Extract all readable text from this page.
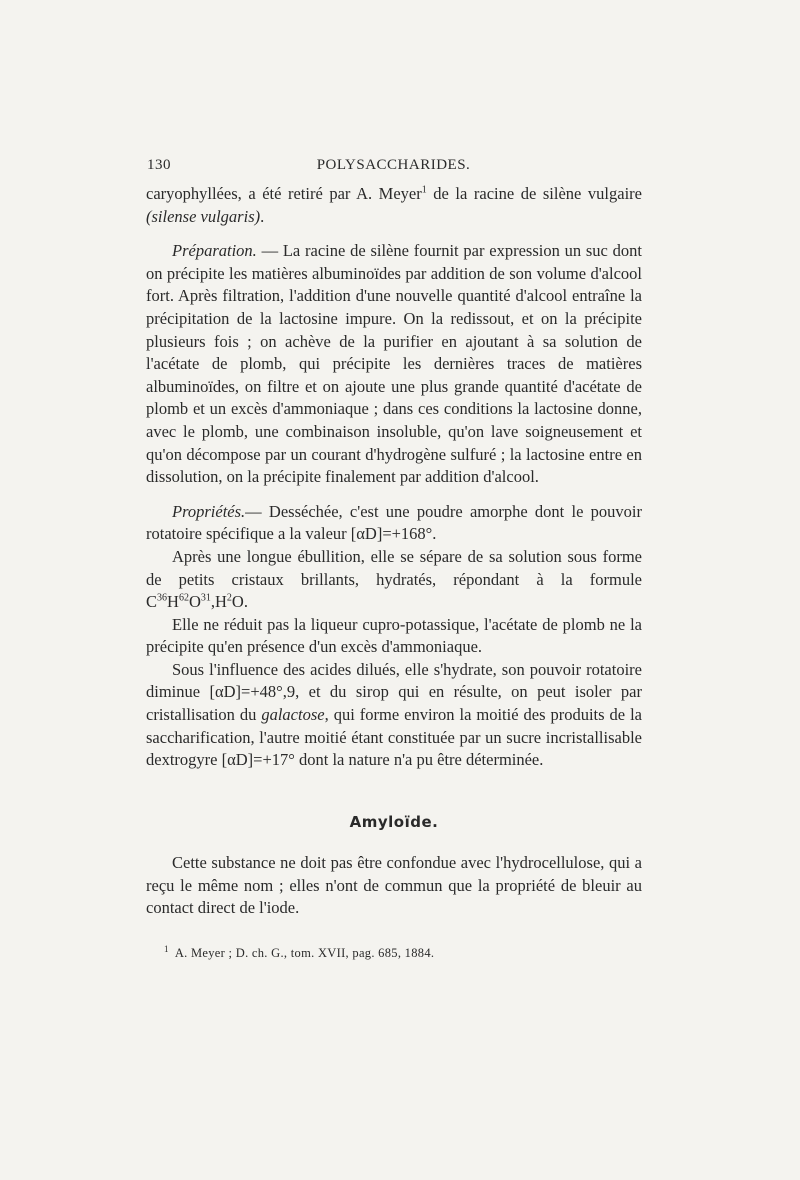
130	POLYSACCHARIDES.

caryophyllées, a été retiré par A. Meyer$^1$ de la racine de silène vulgaire (silense vulgaris).

Préparation. — La racine de silène fournit par expression un suc dont on précipite les matières albuminoïdes par addition de son volume d'alcool fort. Après filtration, l'addition d'une nouvelle quantité d'alcool entraîne la précipitation de la lactosine impure. On la redissout, et on la précipite plusieurs fois ; on achève de la purifier en ajoutant à sa solution de l'acétate de plomb, qui précipite les dernières traces de matières albuminoïdes, on filtre et on ajoute une plus grande quantité d'acétate de plomb et un excès d'ammoniaque ; dans ces conditions la lactosine donne, avec le plomb, une combinaison insoluble, qu'on lave soigneusement et qu'on décompose par un courant d'hydrogène sulfuré ; la lactosine entre en dissolution, on la précipite finalement par addition d'alcool.

Propriétés.— Desséchée, c'est une poudre amorphe dont le pouvoir rotatoire spécifique a la valeur [αD]=+168°.

Après une longue ébullition, elle se sépare de sa solution sous forme de petits cristaux brillants, hydratés, répondant à la formule $C^{36}H^{62}O^{31},H^2O$.

Elle ne réduit pas la liqueur cupro-potassique, l'acétate de plomb ne la précipite qu'en présence d'un excès d'ammoniaque.

Sous l'influence des acides dilués, elle s'hydrate, son pouvoir rotatoire diminue [αD]=+48°,9, et du sirop qui en résulte, on peut isoler par cristallisation du galactose, qui forme environ la moitié des produits de la saccharification, l'autre moitié étant constituée par un sucre incristallisable dextrogyre [αD]=+17° dont la nature n'a pu être déterminée.

Amyloïde.

Cette substance ne doit pas être confondue avec l'hydrocellulose, qui a reçu le même nom ; elles n'ont de commun que la propriété de bleuir au contact direct de l'iode.

$^1$ A. Meyer ; D. ch. G., tom. XVII, pag. 685, 1884.
